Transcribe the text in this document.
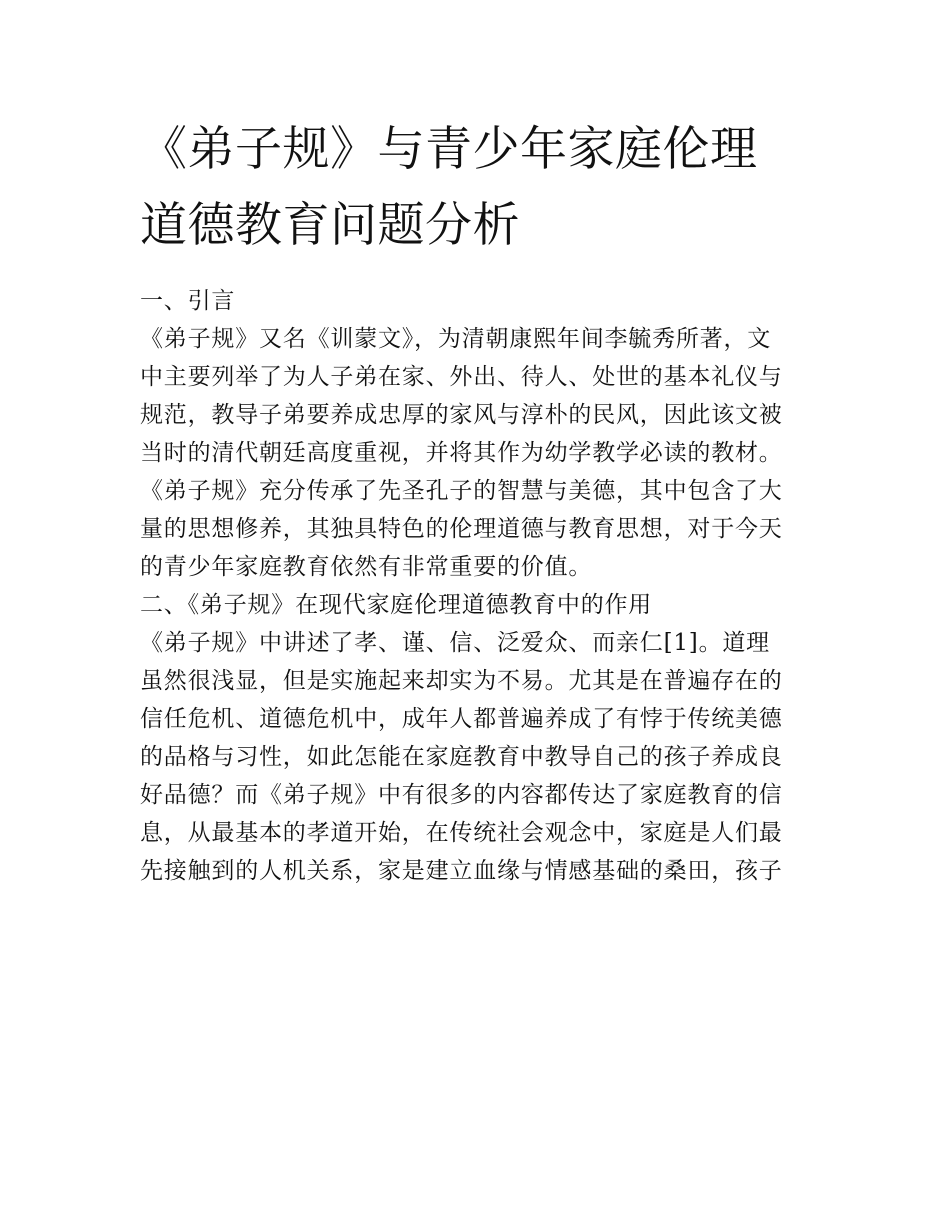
《弟子规》与青少年家庭伦理
道德教育问题分析
一、引言
《弟子规》又名《训蒙文》，为清朝康熙年间李毓秀所著，文
中主要列举了为人子弟在家、外出、待人、处世的基本礼仪与
规范，教导子弟要养成忠厚的家风与淳朴的民风，因此该文被
当时的清代朝廷高度重视，并将其作为幼学教学必读的教材。
《弟子规》充分传承了先圣孔子的智慧与美德，其中包含了大
量的思想修养，其独具特色的伦理道德与教育思想，对于今天
的青少年家庭教育依然有非常重要的价值。
二、《弟子规》在现代家庭伦理道德教育中的作用
《弟子规》中讲述了孝、谨、信、泛爱众、而亲仁[1]。道理
虽然很浅显，但是实施起来却实为不易。尤其是在普遍存在的
信任危机、道德危机中，成年人都普遍养成了有悖于传统美德
的品格与习性，如此怎能在家庭教育中教导自己的孩子养成良
好品德？而《弟子规》中有很多的内容都传达了家庭教育的信
息，从最基本的孝道开始，在传统社会观念中，家庭是人们最
先接触到的人机关系，家是建立血缘与情感基础的桑田，孩子
